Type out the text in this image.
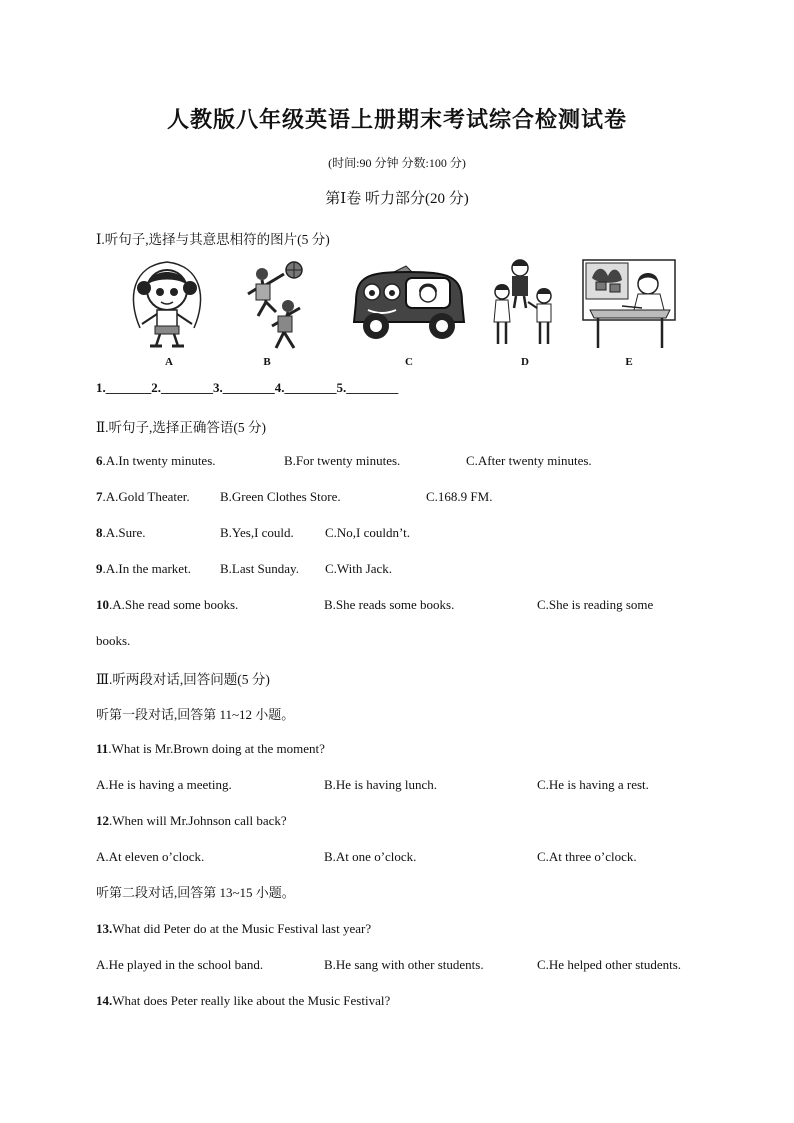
人教版八年级英语上册期末考试综合检测试卷
(时间:90 分钟 分数:100 分)
第Ⅰ卷 听力部分(20 分)
Ⅰ.听句子,选择与其意思相符的图片(5 分)
A	B	C	D	E
1._______2.________3.________4.________5.________
Ⅱ.听句子,选择正确答语(5 分)
6.A.In twenty minutes.	B.For twenty minutes.	C.After twenty minutes.
7.A.Gold Theater. B.Green Clothes Store.	C.168.9 FM.
8.A.Sure.	B.Yes,I could. C.No,I couldn’t.
9.A.In the market. B.Last Sunday. C.With Jack.
10.A.She read some books.	B.She reads some books.	C.She is reading some
books.
Ⅲ.听两段对话,回答问题(5 分)
听第一段对话,回答第 11~12 小题。
11.What is Mr.Brown doing at the moment?
A.He is having a meeting.	B.He is having lunch.	C.He is having a rest.
12.When will Mr.Johnson call back?
A.At eleven o’clock.	B.At one o’clock.	C.At three o’clock.
听第二段对话,回答第 13~15 小题。
13.What did Peter do at the Music Festival last year?
A.He played in the school band.	B.He sang with other students.	C.He helped other students.
14.What does Peter really like about the Music Festival?
